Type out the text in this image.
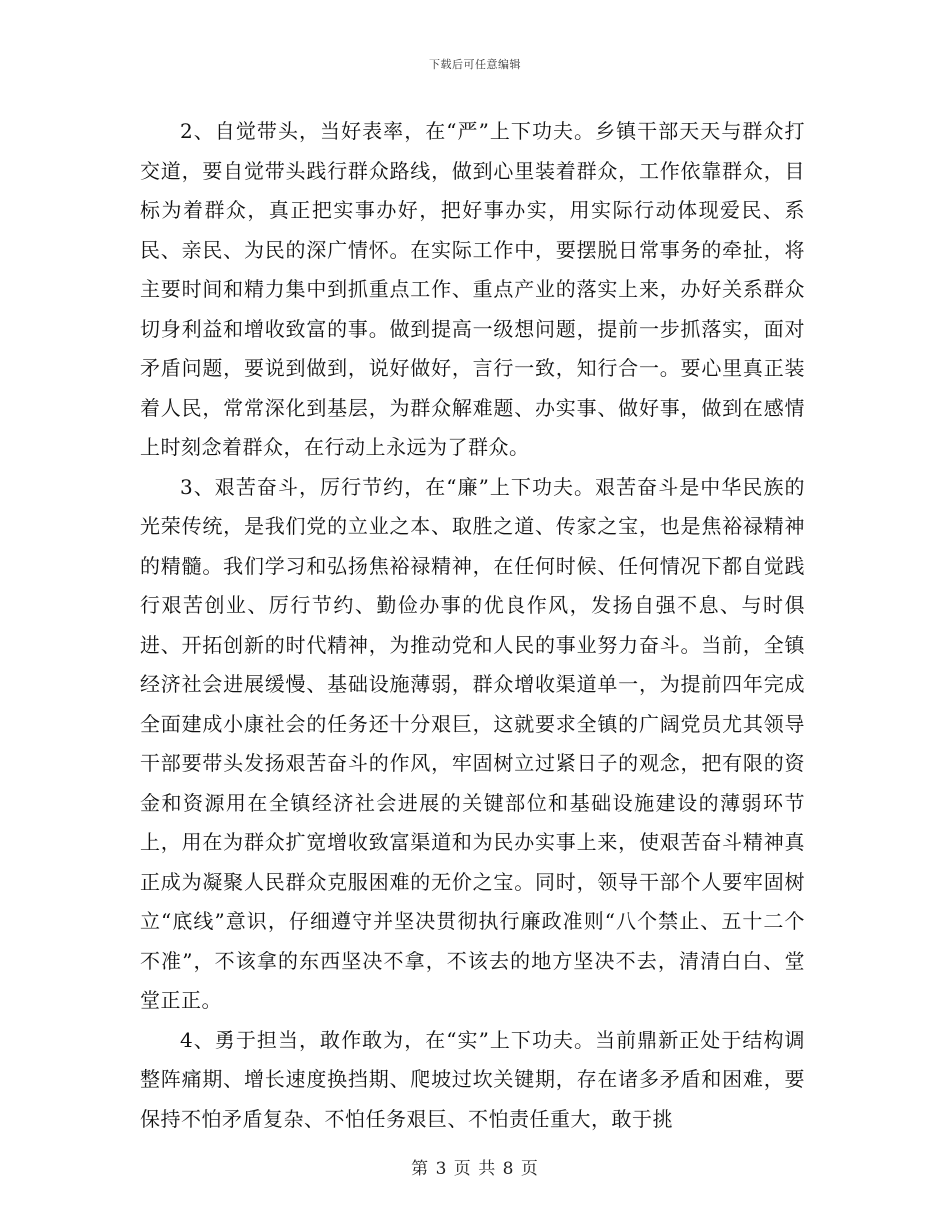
下载后可任意编辑

2、自觉带头，当好表率，在“严”上下功夫。乡镇干部天天与群众打交道，要自觉带头践行群众路线，做到心里装着群众，工作依靠群众，目标为着群众，真正把实事办好，把好事办实，用实际行动体现爱民、系民、亲民、为民的深广情怀。在实际工作中，要摆脱日常事务的牵扯，将主要时间和精力集中到抓重点工作、重点产业的落实上来，办好关系群众切身利益和增收致富的事。做到提高一级想问题，提前一步抓落实，面对矛盾问题，要说到做到，说好做好，言行一致，知行合一。要心里真正装着人民，常常深化到基层，为群众解难题、办实事、做好事，做到在感情上时刻念着群众，在行动上永远为了群众。

3、艰苦奋斗，厉行节约，在“廉”上下功夫。艰苦奋斗是中华民族的光荣传统，是我们党的立业之本、取胜之道、传家之宝，也是焦裕禄精神的精髓。我们学习和弘扬焦裕禄精神，在任何时候、任何情况下都自觉践行艰苦创业、厉行节约、勤俭办事的优良作风，发扬自强不息、与时俱进、开拓创新的时代精神，为推动党和人民的事业努力奋斗。当前，全镇经济社会进展缓慢、基础设施薄弱，群众增收渠道单一，为提前四年完成全面建成小康社会的任务还十分艰巨，这就要求全镇的广阔党员尤其领导干部要带头发扬艰苦奋斗的作风，牢固树立过紧日子的观念，把有限的资金和资源用在全镇经济社会进展的关键部位和基础设施建设的薄弱环节上，用在为群众扩宽增收致富渠道和为民办实事上来，使艰苦奋斗精神真正成为凝聚人民群众克服困难的无价之宝。同时，领导干部个人要牢固树立“底线”意识，仔细遵守并坚决贯彻执行廉政准则“八个禁止、五十二个不准”，不该拿的东西坚决不拿，不该去的地方坚决不去，清清白白、堂堂正正。

4、勇于担当，敢作敢为，在“实”上下功夫。当前鼎新正处于结构调整阵痛期、增长速度换挡期、爬坡过坎关键期，存在诸多矛盾和困难，要保持不怕矛盾复杂、不怕任务艰巨、不怕责任重大，敢于挑

第 3 页 共 8 页
